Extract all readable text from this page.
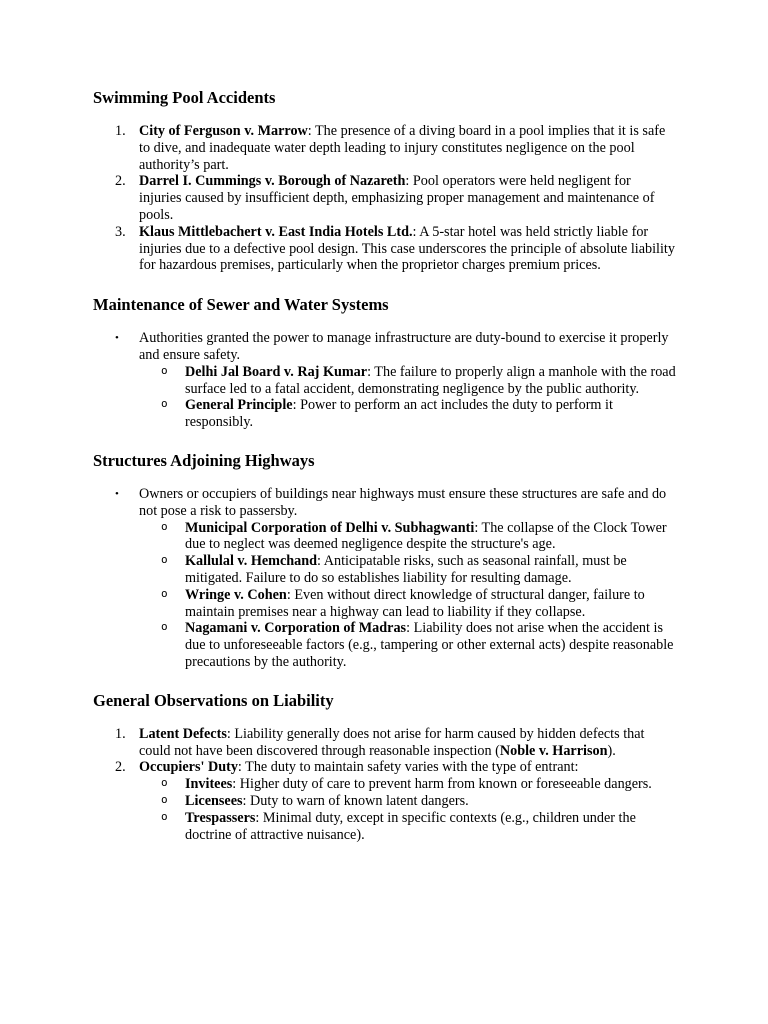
Swimming Pool Accidents
1. City of Ferguson v. Marrow: The presence of a diving board in a pool implies that it is safe to dive, and inadequate water depth leading to injury constitutes negligence on the pool authority’s part.
2. Darrel I. Cummings v. Borough of Nazareth: Pool operators were held negligent for injuries caused by insufficient depth, emphasizing proper management and maintenance of pools.
3. Klaus Mittlebachert v. East India Hotels Ltd.: A 5-star hotel was held strictly liable for injuries due to a defective pool design. This case underscores the principle of absolute liability for hazardous premises, particularly when the proprietor charges premium prices.
Maintenance of Sewer and Water Systems
• Authorities granted the power to manage infrastructure are duty-bound to exercise it properly and ensure safety.
o Delhi Jal Board v. Raj Kumar: The failure to properly align a manhole with the road surface led to a fatal accident, demonstrating negligence by the public authority.
o General Principle: Power to perform an act includes the duty to perform it responsibly.
Structures Adjoining Highways
• Owners or occupiers of buildings near highways must ensure these structures are safe and do not pose a risk to passersby.
o Municipal Corporation of Delhi v. Subhagwanti: The collapse of the Clock Tower due to neglect was deemed negligence despite the structure's age.
o Kallulal v. Hemchand: Anticipatable risks, such as seasonal rainfall, must be mitigated. Failure to do so establishes liability for resulting damage.
o Wringe v. Cohen: Even without direct knowledge of structural danger, failure to maintain premises near a highway can lead to liability if they collapse.
o Nagamani v. Corporation of Madras: Liability does not arise when the accident is due to unforeseeable factors (e.g., tampering or other external acts) despite reasonable precautions by the authority.
General Observations on Liability
1. Latent Defects: Liability generally does not arise for harm caused by hidden defects that could not have been discovered through reasonable inspection (Noble v. Harrison).
2. Occupiers' Duty: The duty to maintain safety varies with the type of entrant:
o Invitees: Higher duty of care to prevent harm from known or foreseeable dangers.
o Licensees: Duty to warn of known latent dangers.
o Trespassers: Minimal duty, except in specific contexts (e.g., children under the doctrine of attractive nuisance).
